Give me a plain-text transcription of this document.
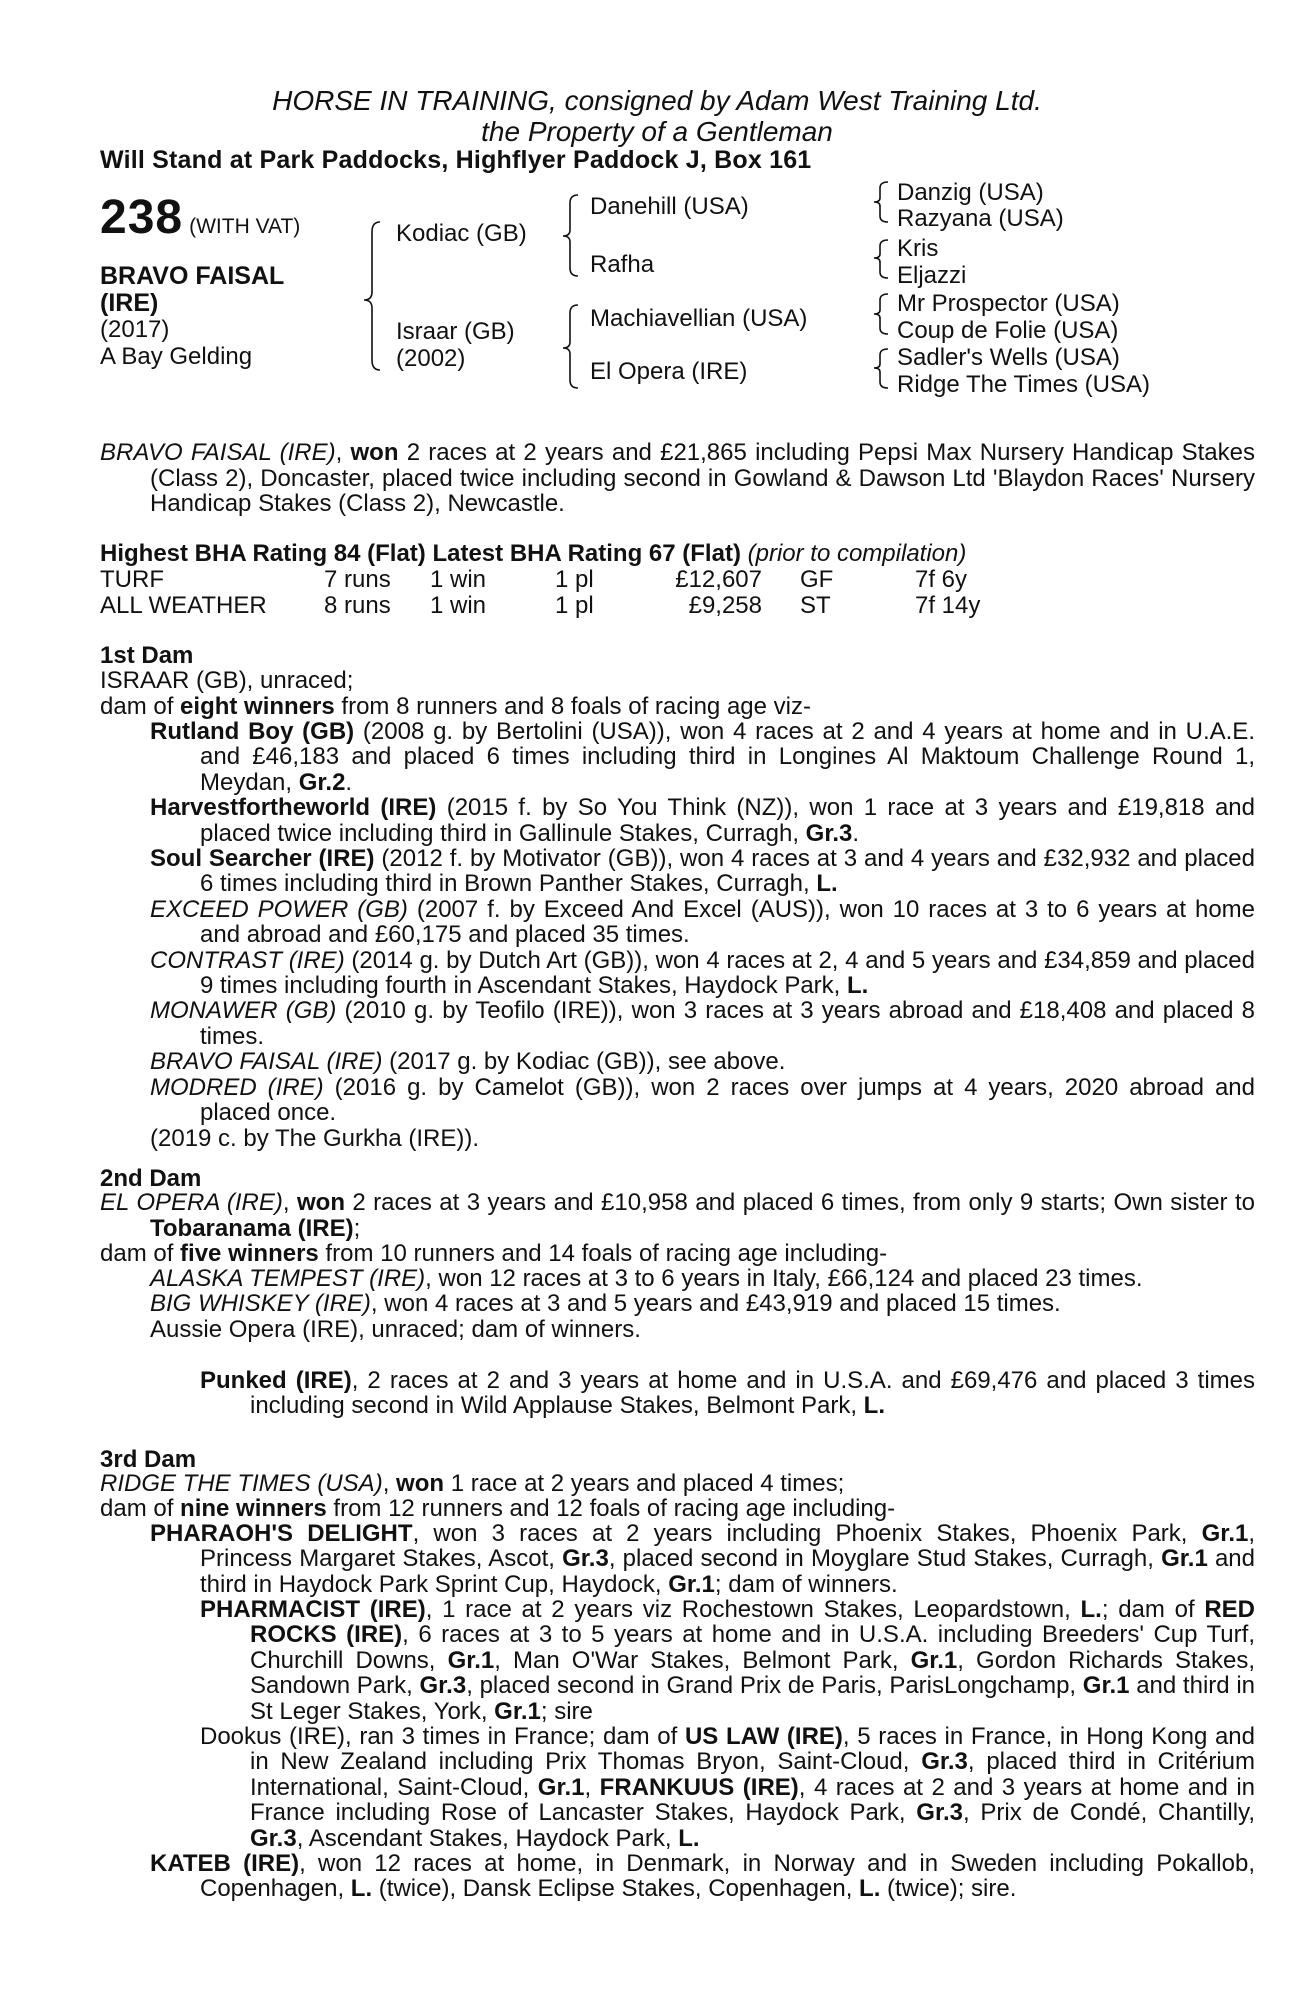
HORSE IN TRAINING, consigned by Adam West Training Ltd.
the Property of a Gentleman
Will Stand at Park Paddocks, Highflyer Paddock J, Box 161
238 (WITH VAT)
BRAVO FAISAL
(IRE)
(2017)
A Bay Gelding
Kodiac (GB)
Israar (GB)
(2002)
Danehill (USA)
Rafha
Machiavellian (USA)
El Opera (IRE)
Danzig (USA)
Razyana (USA)
Kris
Eljazzi
Mr Prospector (USA)
Coup de Folie (USA)
Sadler's Wells (USA)
Ridge The Times (USA)
BRAVO FAISAL (IRE), won 2 races at 2 years and £21,865 including Pepsi Max Nursery Handicap Stakes (Class 2), Doncaster, placed twice including second in Gowland & Dawson Ltd 'Blaydon Races' Nursery Handicap Stakes (Class 2), Newcastle.
Highest BHA Rating 84 (Flat) Latest BHA Rating 67 (Flat) (prior to compilation)
TURF	7 runs 1 win	1 pl	£12,607 GF	7f 6y
ALL WEATHER 8 runs 1 win	1 pl	£9,258 ST	7f 14y
1st Dam
ISRAAR (GB), unraced;
dam of eight winners from 8 runners and 8 foals of racing age viz-

Rutland Boy (GB) (2008 g. by Bertolini (USA)), won 4 races at 2 and 4 years at home and in U.A.E. and £46,183 and placed 6 times including third in Longines Al Maktoum Challenge Round 1, Meydan, Gr.2.

Harvestfortheworld (IRE) (2015 f. by So You Think (NZ)), won 1 race at 3 years and £19,818 and placed twice including third in Gallinule Stakes, Curragh, Gr.3.

Soul Searcher (IRE) (2012 f. by Motivator (GB)), won 4 races at 3 and 4 years and £32,932 and placed 6 times including third in Brown Panther Stakes, Curragh, L.

EXCEED POWER (GB) (2007 f. by Exceed And Excel (AUS)), won 10 races at 3 to 6 years at home and abroad and £60,175 and placed 35 times.

CONTRAST (IRE) (2014 g. by Dutch Art (GB)), won 4 races at 2, 4 and 5 years and £34,859 and placed 9 times including fourth in Ascendant Stakes, Haydock Park, L.

MONAWER (GB) (2010 g. by Teofilo (IRE)), won 3 races at 3 years abroad and £18,408 and placed 8 times.

BRAVO FAISAL (IRE) (2017 g. by Kodiac (GB)), see above.

MODRED (IRE) (2016 g. by Camelot (GB)), won 2 races over jumps at 4 years, 2020 abroad and placed once.

(2019 c. by The Gurkha (IRE)).

2nd Dam
EL OPERA (IRE), won 2 races at 3 years and £10,958 and placed 6 times, from only 9 starts; Own sister to Tobaranama (IRE);
dam of five winners from 10 runners and 14 foals of racing age including-

ALASKA TEMPEST (IRE), won 12 races at 3 to 6 years in Italy, £66,124 and placed 23 times.

BIG WHISKEY (IRE), won 4 races at 3 and 5 years and £43,919 and placed 15 times.

Aussie Opera (IRE), unraced; dam of winners.

Punked (IRE), 2 races at 2 and 3 years at home and in U.S.A. and £69,476 and placed 3 times including second in Wild Applause Stakes, Belmont Park, L.

3rd Dam
RIDGE THE TIMES (USA), won 1 race at 2 years and placed 4 times;
dam of nine winners from 12 runners and 12 foals of racing age including-

PHARAOH'S DELIGHT, won 3 races at 2 years including Phoenix Stakes, Phoenix Park, Gr.1, Princess Margaret Stakes, Ascot, Gr.3, placed second in Moyglare Stud Stakes, Curragh, Gr.1 and third in Haydock Park Sprint Cup, Haydock, Gr.1; dam of winners.

PHARMACIST (IRE), 1 race at 2 years viz Rochestown Stakes, Leopardstown, L.; dam of RED ROCKS (IRE), 6 races at 3 to 5 years at home and in U.S.A. including Breeders' Cup Turf, Churchill Downs, Gr.1, Man O'War Stakes, Belmont Park, Gr.1, Gordon Richards Stakes, Sandown Park, Gr.3, placed second in Grand Prix de Paris, ParisLongchamp, Gr.1 and third in St Leger Stakes, York, Gr.1; sire

Dookus (IRE), ran 3 times in France; dam of US LAW (IRE), 5 races in France, in Hong Kong and in New Zealand including Prix Thomas Bryon, Saint-Cloud, Gr.3, placed third in Critérium International, Saint-Cloud, Gr.1, FRANKUUS (IRE), 4 races at 2 and 3 years at home and in France including Rose of Lancaster Stakes, Haydock Park, Gr.3, Prix de Condé, Chantilly, Gr.3, Ascendant Stakes, Haydock Park, L.

KATEB (IRE), won 12 races at home, in Denmark, in Norway and in Sweden including Pokallob, Copenhagen, L. (twice), Dansk Eclipse Stakes, Copenhagen, L. (twice); sire.
